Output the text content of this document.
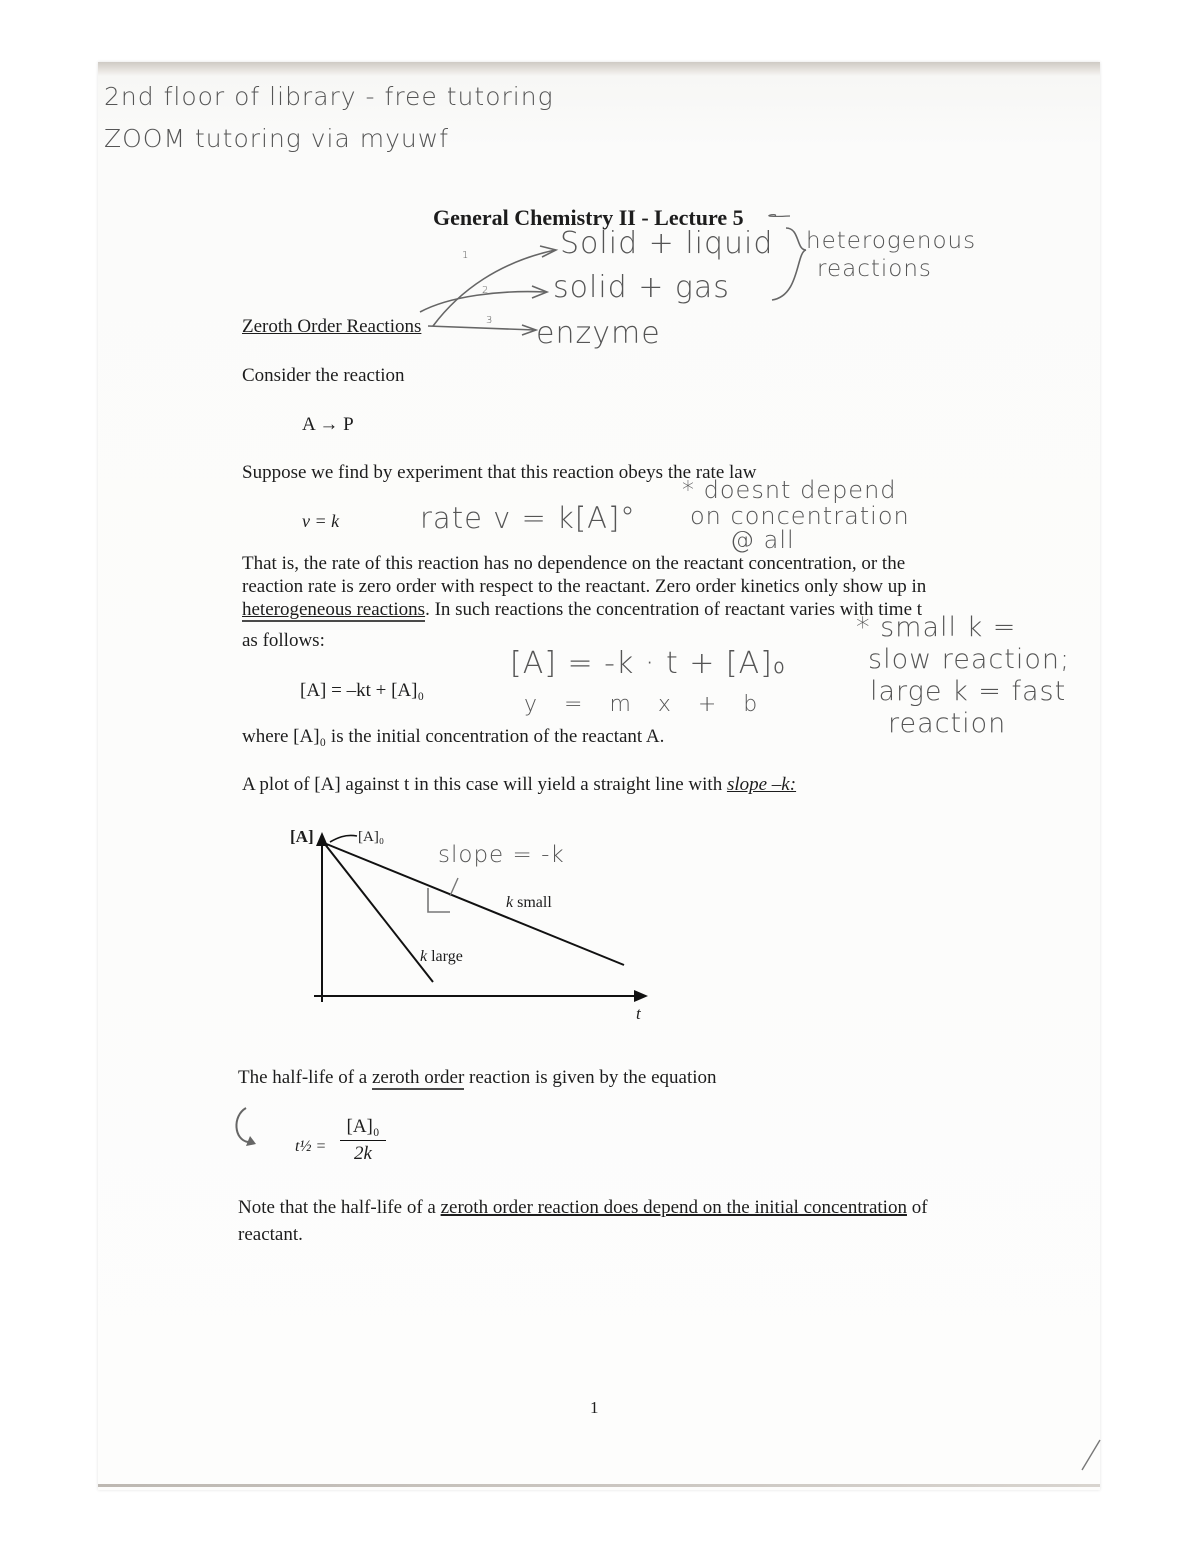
2nd floor of library - free tutoring
ZOOM tutoring via myuwf
General Chemistry II - Lecture 5
1
2
3
Solid + liquid
solid + gas
enzyme
heterogenous
reactions
Zeroth Order Reactions
Consider the reaction
A → P
Suppose we find by experiment that this reaction obeys the rate law
v = k	rate v = k[A]°
* doesnt depend
on concentration
@ all
That is, the rate of this reaction has no dependence on the reactant concentration, or the
reaction rate is zero order with respect to the reactant. Zero order kinetics only show up in
heterogeneous reactions. In such reactions the concentration of reactant varies with time t
as follows:
[A] = –kt + [A]₀
[A] = -k · t + [A]₀
y = m x + b
* small k =
slow reaction;
large k = fast
reaction
where [A]₀ is the initial concentration of the reactant A.
A plot of [A] against t in this case will yield a straight line with slope –k:
[A]	[A]₀
t
k small
k large
slope = -k
The half-life of a zeroth order reaction is given by the equation
t½ = $\frac{\text{[A]₀}}{2k}$
Note that the half-life of a zeroth order reaction does depend on the initial concentration of
reactant.
1
